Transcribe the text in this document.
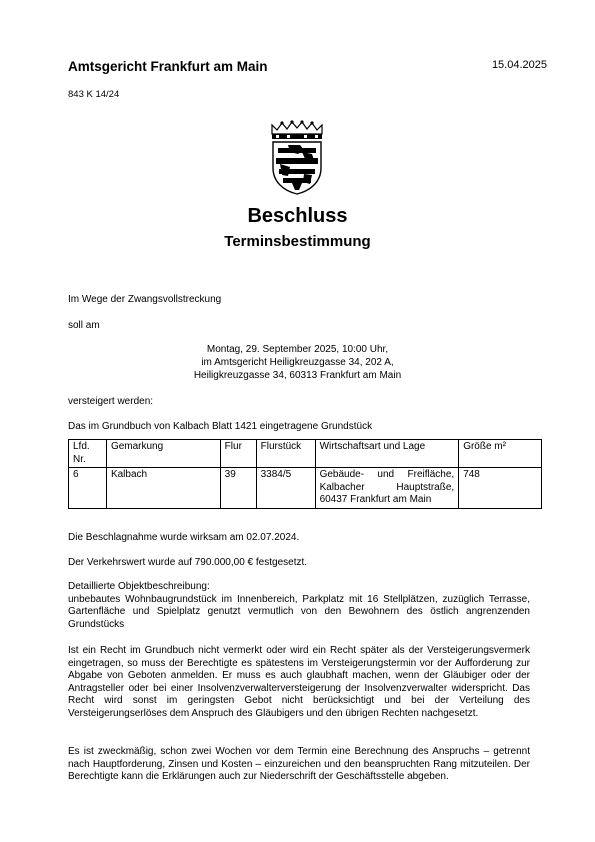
Amtsgericht Frankfurt am Main	15.04.2025
843 K 14/24
Beschluss
Terminsbestimmung
Im Wege der Zwangsvollstreckung
soll am
Montag, 29. September 2025, 10:00 Uhr,
im Amtsgericht Heiligkreuzgasse 34, 202 A,
Heiligkreuzgasse 34, 60313 Frankfurt am Main
versteigert werden:
Das im Grundbuch von Kalbach Blatt 1421 eingetragene Grundstück
Lfd. Nr.	Gemarkung	Flur	Flurstück	Wirtschaftsart und Lage	Größe m²
6	Kalbach	39	3384/5	Gebäude- und Freifläche, Kalbacher Hauptstraße, 60437 Frankfurt am Main	748
Die Beschlagnahme wurde wirksam am 02.07.2024.
Der Verkehrswert wurde auf 790.000,00 € festgesetzt.
Detaillierte Objektbeschreibung:
unbebautes Wohnbaugrundstück im Innenbereich, Parkplatz mit 16 Stellplätzen, zuzüglich Terrasse, Gartenfläche und Spielplatz genutzt vermutlich von den Bewohnern des östlich angrenzenden Grundstücks
Ist ein Recht im Grundbuch nicht vermerkt oder wird ein Recht später als der Versteigerungsvermerk eingetragen, so muss der Berechtigte es spätestens im Versteigerungstermin vor der Aufforderung zur Abgabe von Geboten anmelden. Er muss es auch glaubhaft machen, wenn der Gläubiger oder der Antragsteller oder bei einer Insolvenzverwalterversteigerung der Insolvenzverwalter widerspricht. Das Recht wird sonst im geringsten Gebot nicht berücksichtigt und bei der Verteilung des Versteigerungserlöses dem Anspruch des Gläubigers und den übrigen Rechten nachgesetzt.
Es ist zweckmäßig, schon zwei Wochen vor dem Termin eine Berechnung des Anspruchs – getrennt nach Hauptforderung, Zinsen und Kosten – einzureichen und den beanspruchten Rang mitzuteilen. Der Berechtigte kann die Erklärungen auch zur Niederschrift der Geschäftsstelle abgeben.
